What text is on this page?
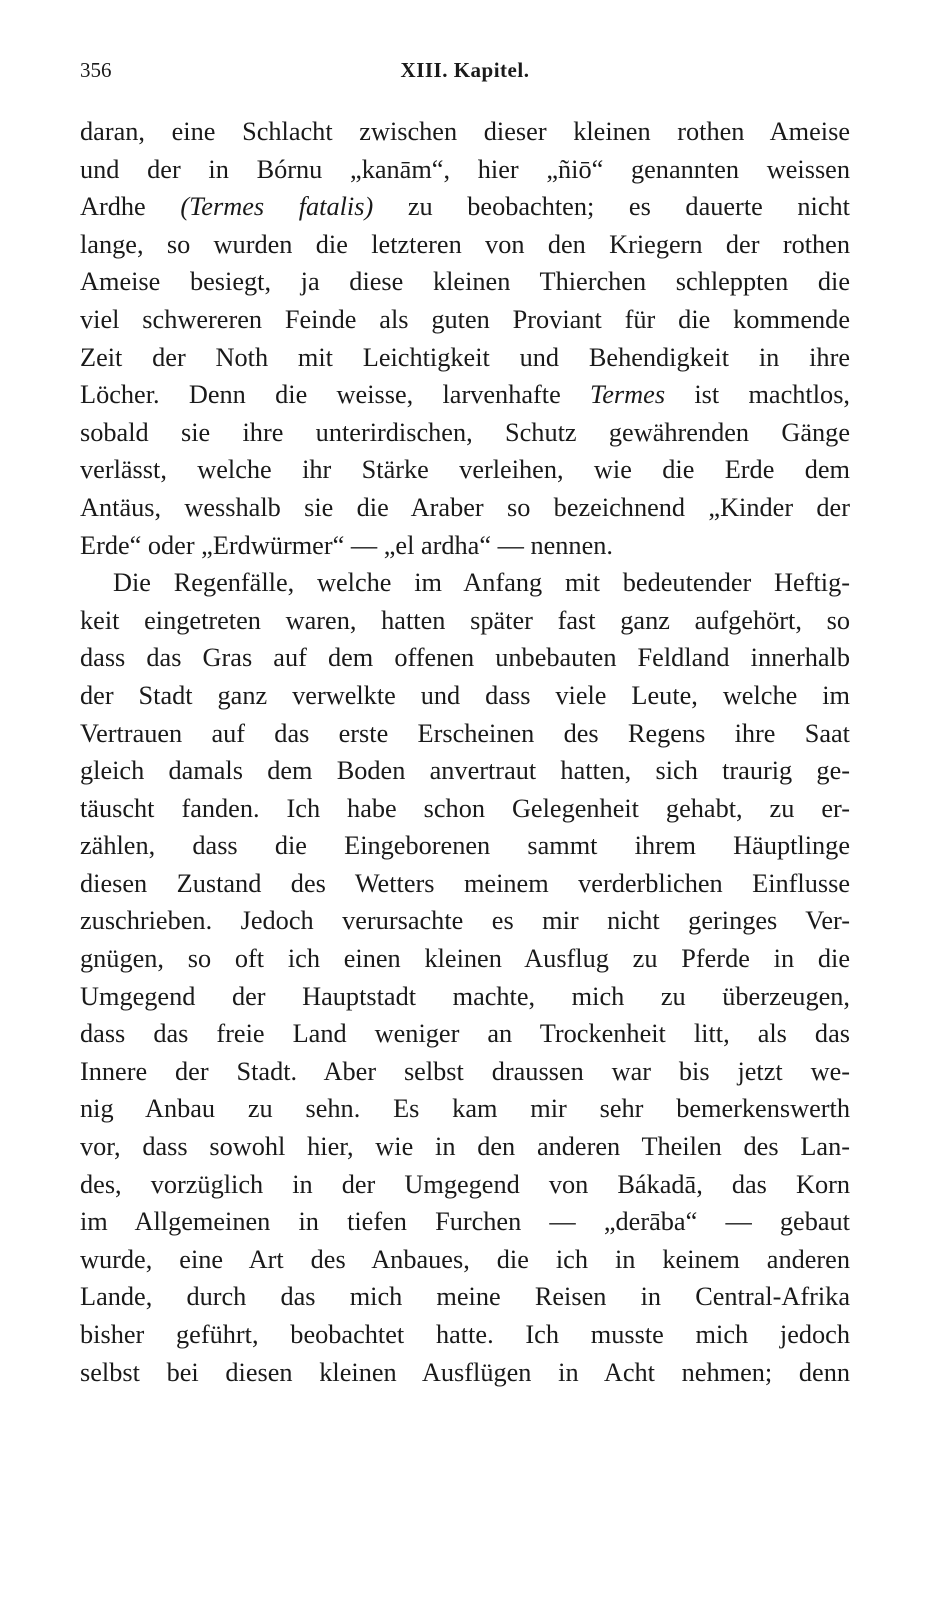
356	XIII. Kapitel.
daran, eine Schlacht zwischen dieser kleinen rothen Ameise
und der in Bórnu „kanām“, hier „ñiō“ genannten weissen
Ardhe (Termes fatalis) zu beobachten; es dauerte nicht
lange, so wurden die letzteren von den Kriegern der rothen
Ameise besiegt, ja diese kleinen Thierchen schleppten die
viel schwereren Feinde als guten Proviant für die kommende
Zeit der Noth mit Leichtigkeit und Behendigkeit in ihre
Löcher. Denn die weisse, larvenhafte Termes ist machtlos,
sobald sie ihre unterirdischen, Schutz gewährenden Gänge
verlässt, welche ihr Stärke verleihen, wie die Erde dem
Antäus, wesshalb sie die Araber so bezeichnend „Kinder der
Erde“ oder „Erdwürmer“ — „el ardha“ — nennen.
Die Regenfälle, welche im Anfang mit bedeutender Heftig-
keit eingetreten waren, hatten später fast ganz aufgehört, so
dass das Gras auf dem offenen unbebauten Feldland innerhalb
der Stadt ganz verwelkte und dass viele Leute, welche im
Vertrauen auf das erste Erscheinen des Regens ihre Saat
gleich damals dem Boden anvertraut hatten, sich traurig ge-
täuscht fanden. Ich habe schon Gelegenheit gehabt, zu er-
zählen, dass die Eingeborenen sammt ihrem Häuptlinge
diesen Zustand des Wetters meinem verderblichen Einflusse
zuschrieben. Jedoch verursachte es mir nicht geringes Ver-
gnügen, so oft ich einen kleinen Ausflug zu Pferde in die
Umgegend der Hauptstadt machte, mich zu überzeugen,
dass das freie Land weniger an Trockenheit litt, als das
Innere der Stadt. Aber selbst draussen war bis jetzt we-
nig Anbau zu sehn. Es kam mir sehr bemerkenswerth
vor, dass sowohl hier, wie in den anderen Theilen des Lan-
des, vorzüglich in der Umgegend von Bákadā, das Korn
im Allgemeinen in tiefen Furchen — „derāba“ — gebaut
wurde, eine Art des Anbaues, die ich in keinem anderen
Lande, durch das mich meine Reisen in Central-Afrika
bisher geführt, beobachtet hatte. Ich musste mich jedoch
selbst bei diesen kleinen Ausflügen in Acht nehmen; denn
